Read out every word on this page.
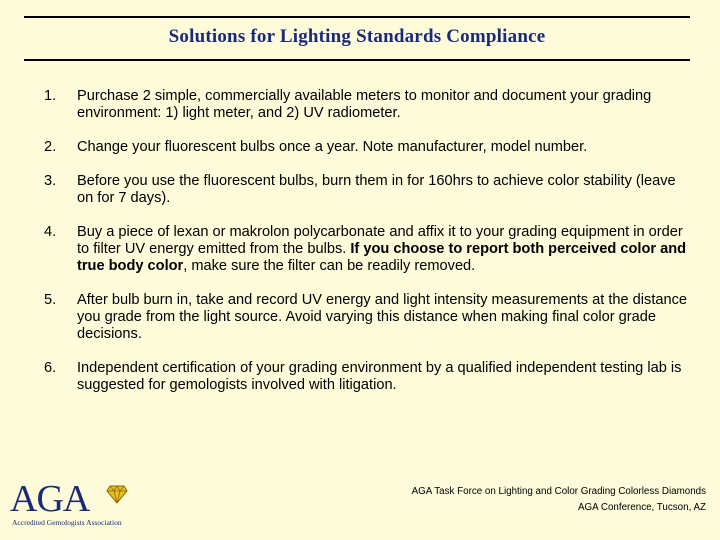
Solutions for Lighting Standards Compliance
1. Purchase 2 simple, commercially available meters to monitor and document your grading environment: 1) light meter, and 2) UV radiometer.
2. Change your fluorescent bulbs once a year. Note manufacturer, model number.
3. Before you use the fluorescent bulbs, burn them in for 160hrs to achieve color stability (leave on for 7 days).
4. Buy a piece of lexan or makrolon polycarbonate and affix it to your grading equipment in order to filter UV energy emitted from the bulbs. If you choose to report both perceived color and true body color, make sure the filter can be readily removed.
5. After bulb burn in, take and record UV energy and light intensity measurements at the distance you grade from the light source. Avoid varying this distance when making final color grade decisions.
6. Independent certification of your grading environment by a qualified independent testing lab is suggested for gemologists involved with litigation.
AGA
Accredited Gemologists Association
AGA Task Force on Lighting and Color Grading Colorless Diamonds
AGA Conference, Tucson, AZ
